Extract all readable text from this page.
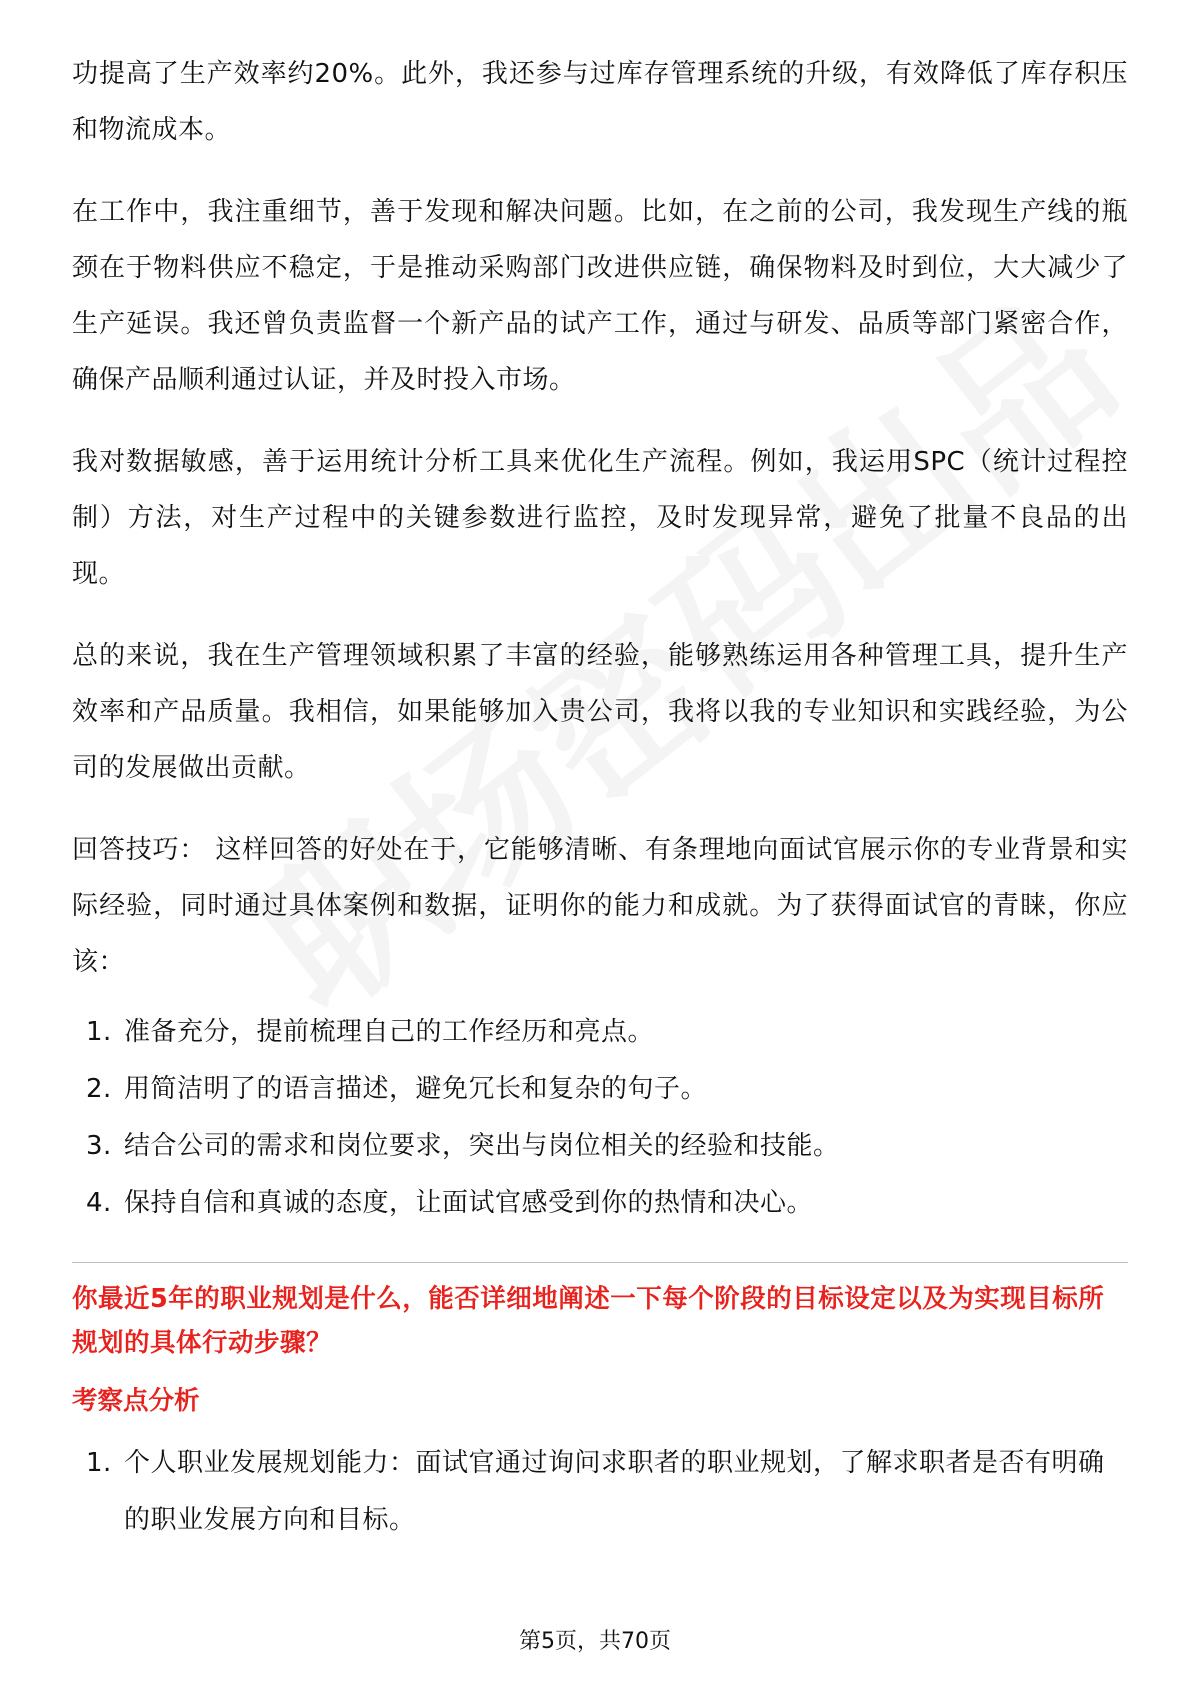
功提高了生产效率约20%。此外，我还参与过库存管理系统的升级，有效降低了库存积压和物流成本。

在工作中，我注重细节，善于发现和解决问题。比如，在之前的公司，我发现生产线的瓶颈在于物料供应不稳定，于是推动采购部门改进供应链，确保物料及时到位，大大减少了生产延误。我还曾负责监督一个新产品的试产工作，通过与研发、品质等部门紧密合作，确保产品顺利通过认证，并及时投入市场。

我对数据敏感，善于运用统计分析工具来优化生产流程。例如，我运用SPC（统计过程控制）方法，对生产过程中的关键参数进行监控，及时发现异常，避免了批量不良品的出现。

总的来说，我在生产管理领域积累了丰富的经验，能够熟练运用各种管理工具，提升生产效率和产品质量。我相信，如果能够加入贵公司，我将以我的专业知识和实践经验，为公司的发展做出贡献。

回答技巧： 这样回答的好处在于，它能够清晰、有条理地向面试官展示你的专业背景和实际经验，同时通过具体案例和数据，证明你的能力和成就。为了获得面试官的青睐，你应该：

1. 准备充分，提前梳理自己的工作经历和亮点。
2. 用简洁明了的语言描述，避免冗长和复杂的句子。
3. 结合公司的需求和岗位要求，突出与岗位相关的经验和技能。
4. 保持自信和真诚的态度，让面试官感受到你的热情和决心。

你最近5年的职业规划是什么，能否详细地阐述一下每个阶段的目标设定以及为实现目标所规划的具体行动步骤？

考察点分析
1. 个人职业发展规划能力：面试官通过询问求职者的职业规划，了解求职者是否有明确的职业发展方向和目标。
第5页，共70页
